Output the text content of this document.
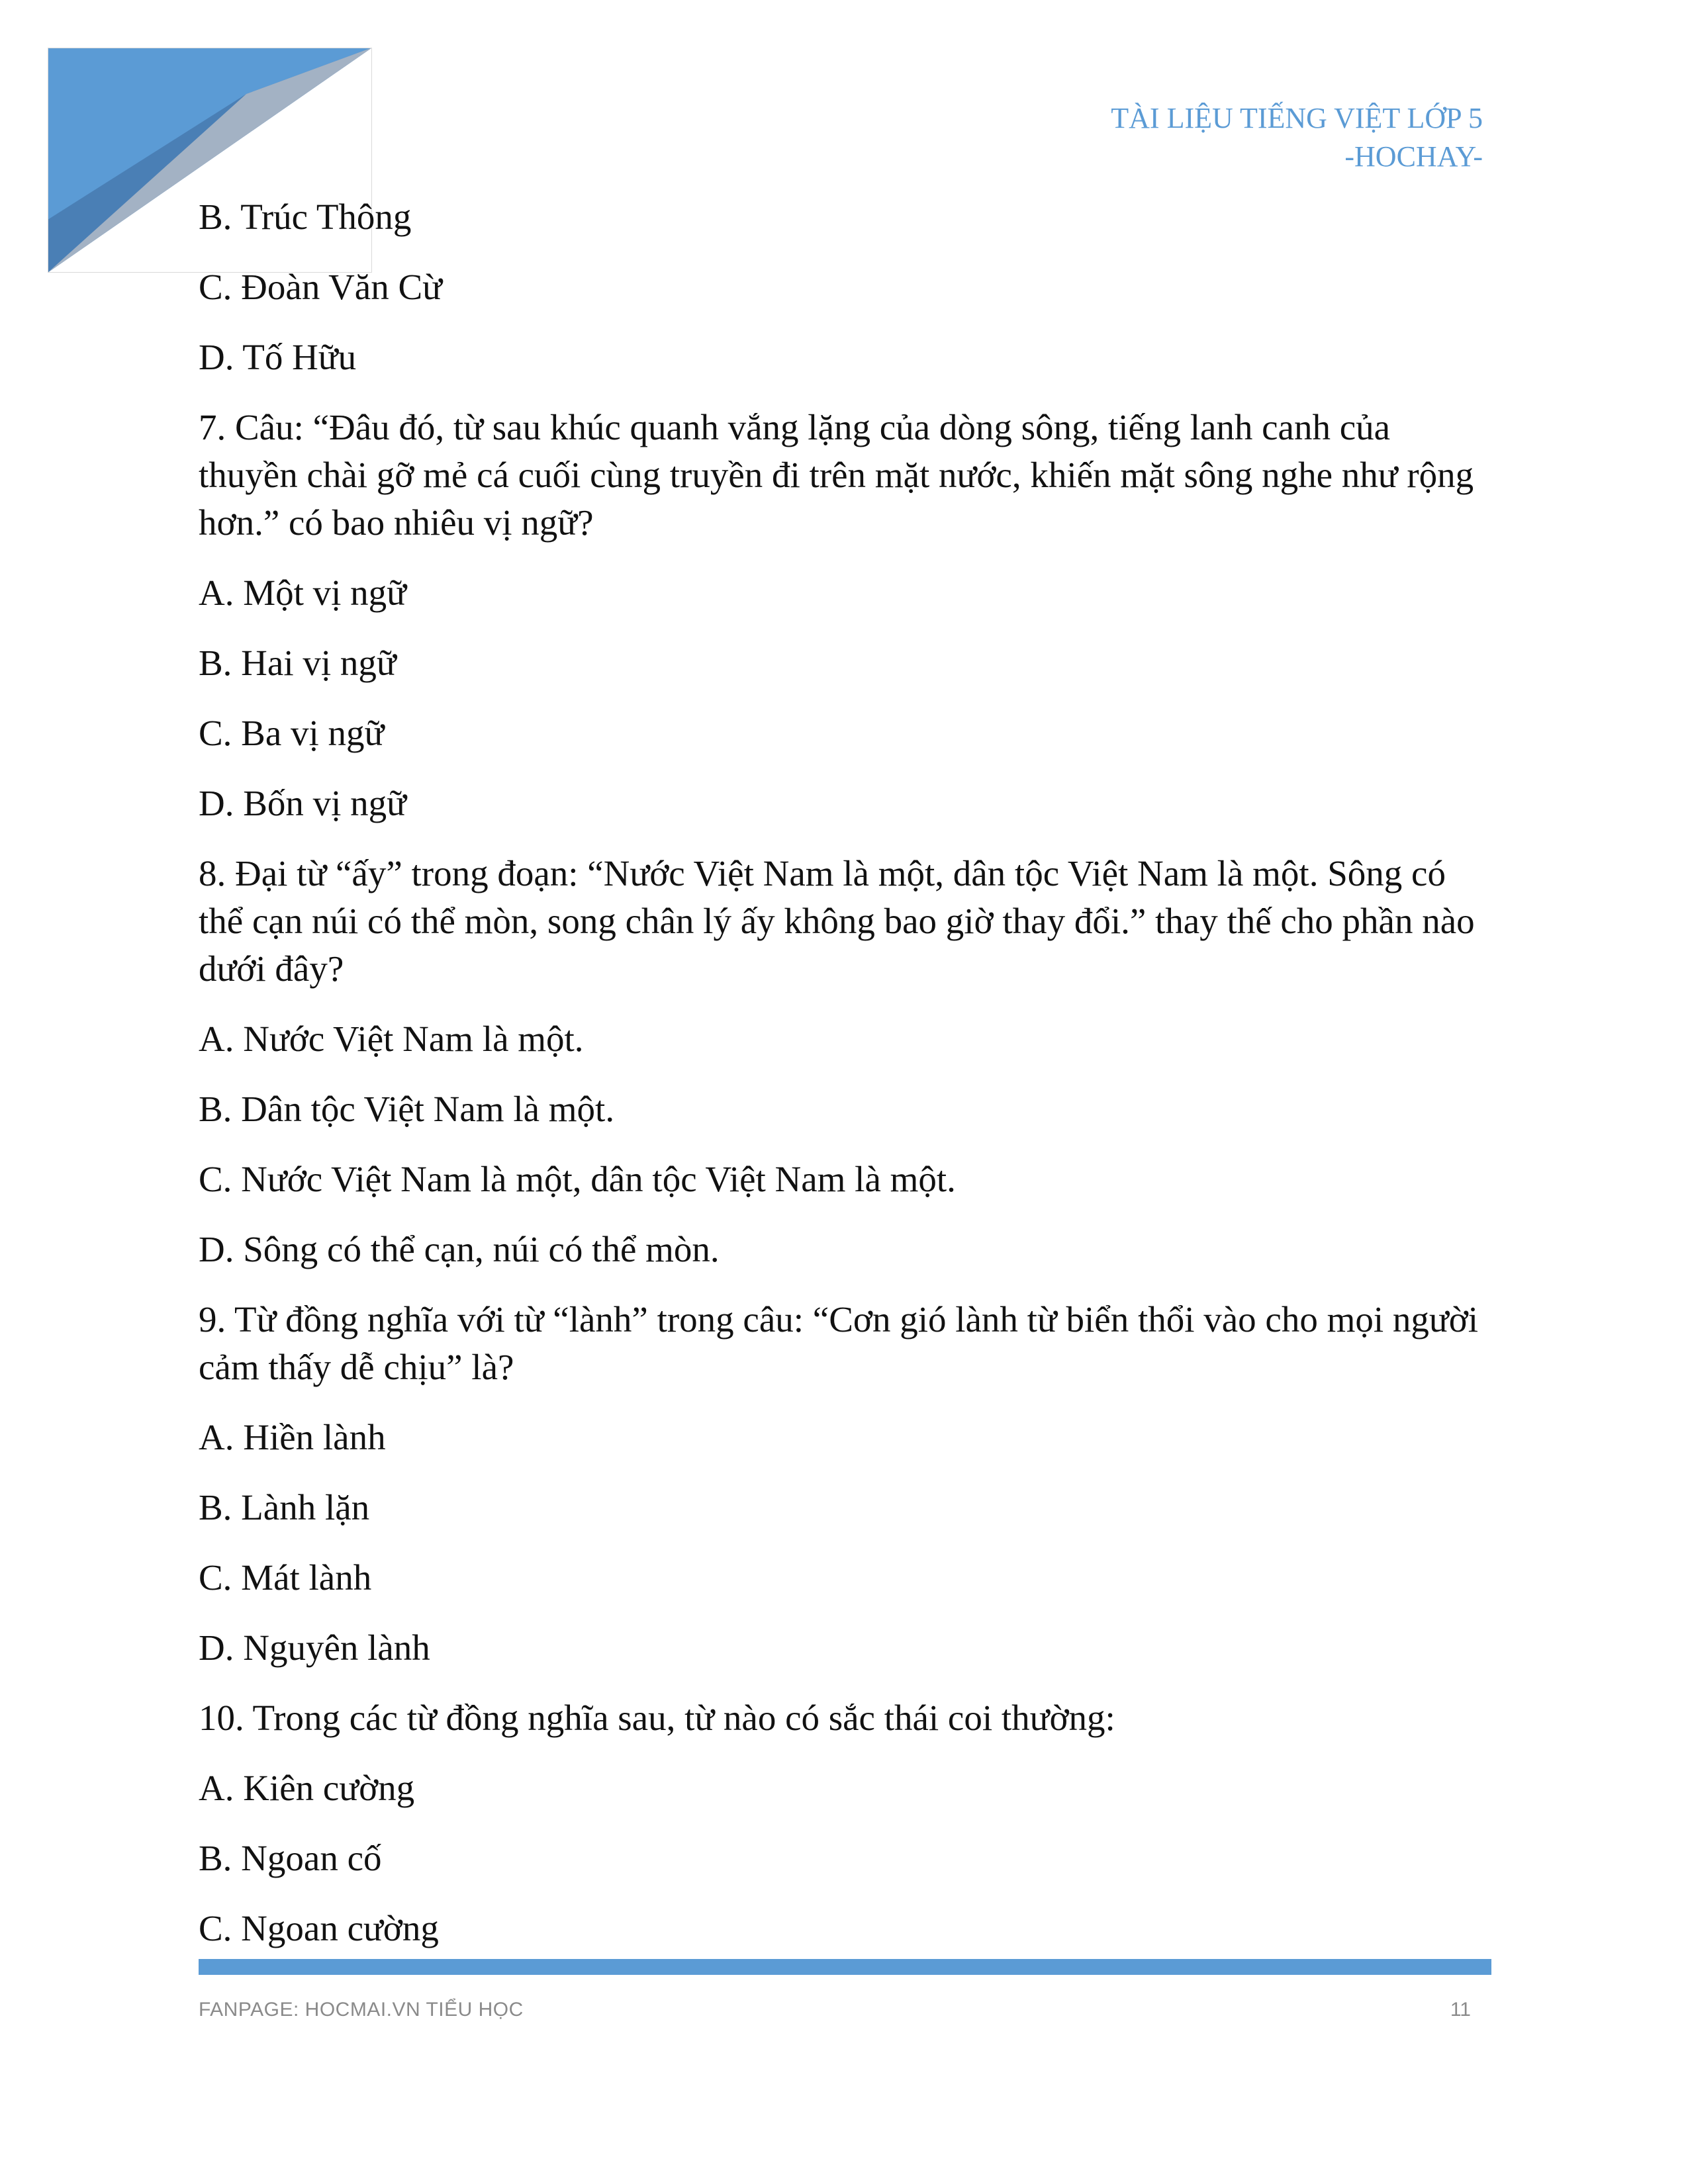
TÀI LIỆU TIẾNG VIỆT LỚP 5
-HOCHAY-

B. Trúc Thông

C. Đoàn Văn Cừ

D. Tố Hữu

7. Câu: “Đâu đó, từ sau khúc quanh vắng lặng của dòng sông, tiếng lanh canh của thuyền chài gỡ mẻ cá cuối cùng truyền đi trên mặt nước, khiến mặt sông nghe như rộng hơn.” có bao nhiêu vị ngữ?

A. Một vị ngữ

B. Hai vị ngữ

C. Ba vị ngữ

D. Bốn vị ngữ

8. Đại từ “ấy” trong đoạn: “Nước Việt Nam là một, dân tộc Việt Nam là một. Sông có thể cạn núi có thể mòn, song chân lý ấy không bao giờ thay đổi.” thay thế cho phần nào dưới đây?

A. Nước Việt Nam là một.

B. Dân tộc Việt Nam là một.

C. Nước Việt Nam là một, dân tộc Việt Nam là một.

D. Sông có thể cạn, núi có thể mòn.

9. Từ đồng nghĩa với từ “lành” trong câu: “Cơn gió lành từ biển thổi vào cho mọi người cảm thấy dễ chịu” là?

A. Hiền lành

B. Lành lặn

C. Mát lành

D. Nguyên lành

10. Trong các từ đồng nghĩa sau, từ nào có sắc thái coi thường:

A. Kiên cường

B. Ngoan cố

C. Ngoan cường

FANPAGE: HOCMAI.VN TIỂU HỌC	11
